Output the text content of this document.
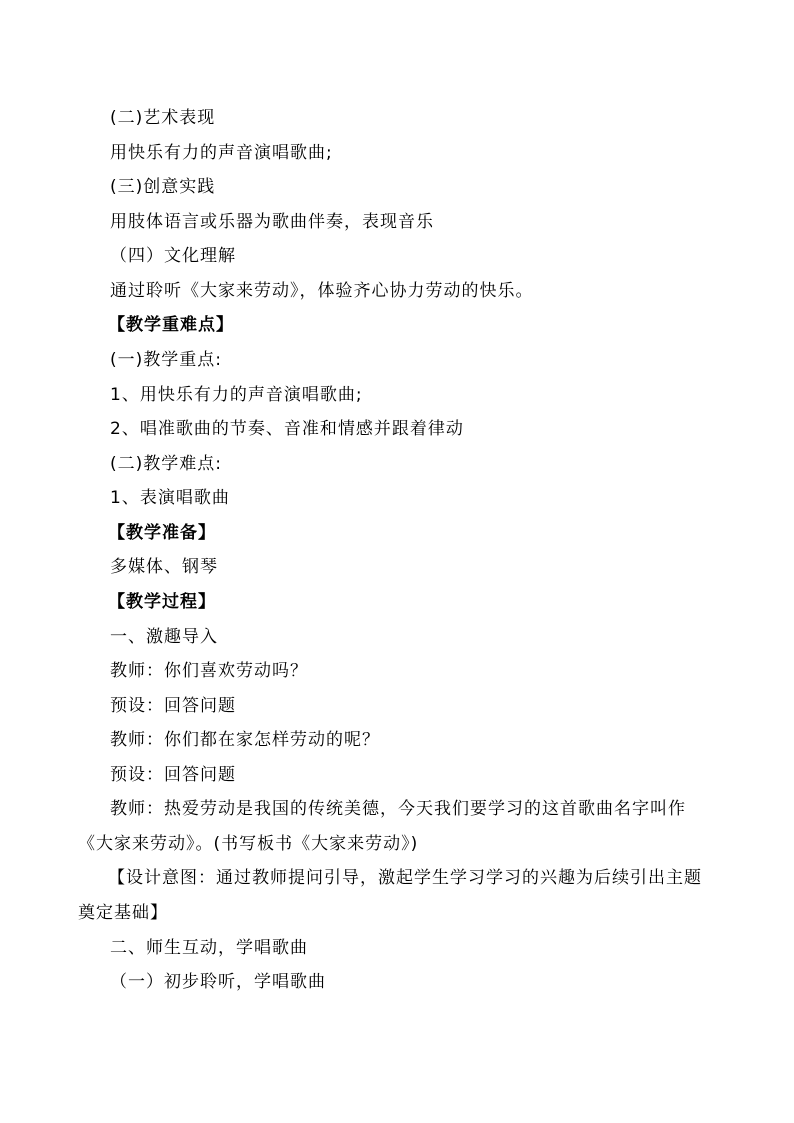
(二)艺术表现
用快乐有力的声音演唱歌曲;
(三)创意实践
用肢体语言或乐器为歌曲伴奏，表现音乐
（四）文化理解
通过聆听《大家来劳动》，体验齐心协力劳动的快乐。
【教学重难点】
(一)教学重点:
1、用快乐有力的声音演唱歌曲;
2、唱准歌曲的节奏、音准和情感并跟着律动
(二)教学难点:
1、表演唱歌曲
【教学准备】
多媒体、钢琴
【教学过程】
一、激趣导入
教师：你们喜欢劳动吗？
预设：回答问题
教师：你们都在家怎样劳动的呢？
预设：回答问题
教师：热爱劳动是我国的传统美德，今天我们要学习的这首歌曲名字叫作
《大家来劳动》。(书写板书《大家来劳动》)
【设计意图：通过教师提问引导，激起学生学习学习的兴趣为后续引出主题
奠定基础】
二、师生互动，学唱歌曲
（一）初步聆听，学唱歌曲
